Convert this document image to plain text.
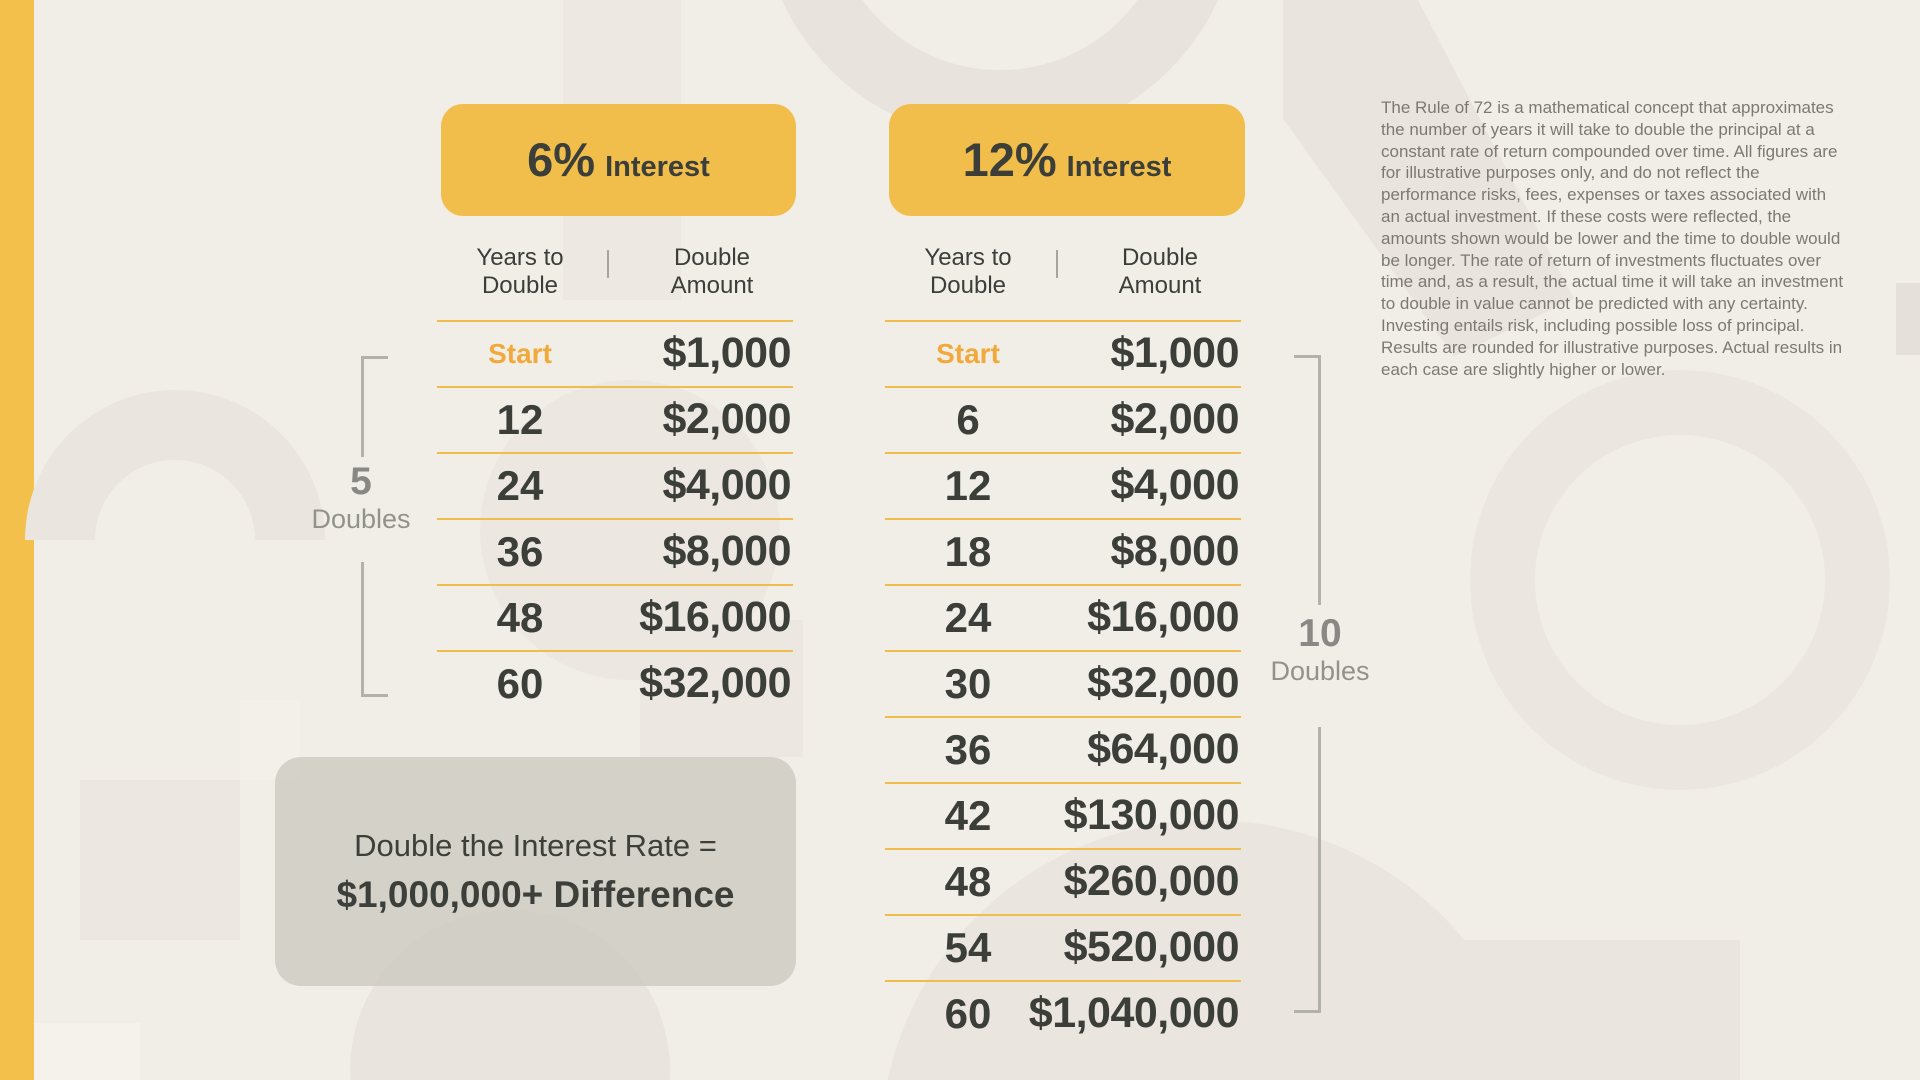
6% Interest
Years to Double
Double Amount
Start	$1,000
12	$2,000
24	$4,000
36	$8,000
48	$16,000
60	$32,000
12% Interest
Years to Double
Double Amount
Start	$1,000
6	$2,000
12	$4,000
18	$8,000
24	$16,000
30	$32,000
36	$64,000
42	$130,000
48	$260,000
54	$520,000
60 $1,040,000
5
Doubles
10
Doubles
Double the Interest Rate =
$1,000,000+ Difference
The Rule of 72 is a mathematical concept that approximates the number of years it will take to double the principal at a constant rate of return compounded over time. All figures are for illustrative purposes only, and do not reflect the performance risks, fees, expenses or taxes associated with an actual investment. If these costs were reflected, the amounts shown would be lower and the time to double would be longer. The rate of return of investments fluctuates over time and, as a result, the actual time it will take an investment to double in value cannot be predicted with any certainty. Investing entails risk, including possible loss of principal. Results are rounded for illustrative purposes. Actual results in each case are slightly higher or lower.
